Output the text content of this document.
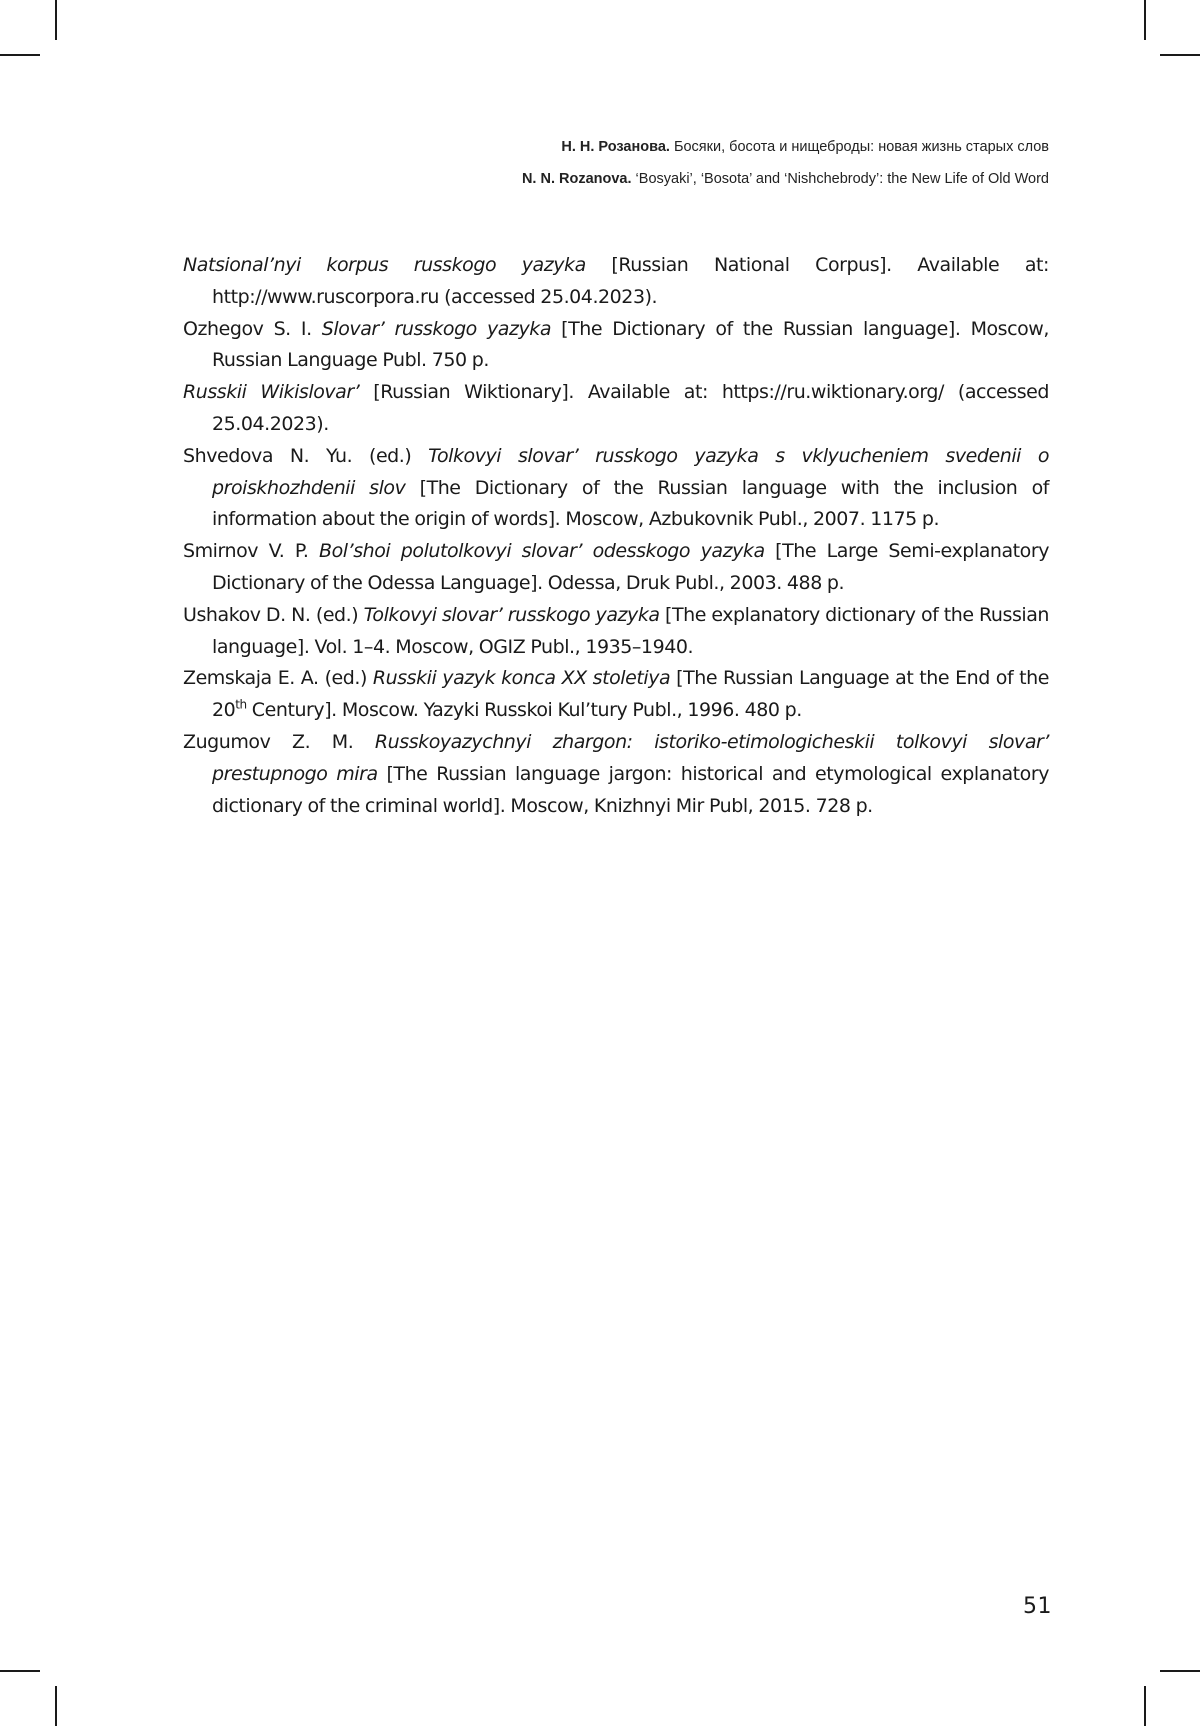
Н. Н. Розанова. Босяки, босота и нищеброды: новая жизнь старых слов
N. N. Rozanova. ‘Bosyaki’, ‘Bosota’ and ‘Nishchebrody’: the New Life of Old Word

Natsional’nyi korpus russkogo yazyka [Russian National Corpus]. Available at: http://www.ruscorpora.ru (accessed 25.04.2023).

Ozhegov S. I. Slovar’ russkogo yazyka [The Dictionary of the Russian language]. Moscow, Russian Language Publ. 750 p.

Russkii Wikislovar’ [Russian Wiktionary]. Available at: https://ru.wiktionary.org/ (accessed 25.04.2023).

Shvedova N. Yu. (ed.) Tolkovyi slovar’ russkogo yazyka s vklyucheniem svedenii o proiskhozhdenii slov [The Dictionary of the Russian language with the inclusion of information about the origin of words]. Moscow, Azbukovnik Publ., 2007. 1175 p.

Smirnov V. P. Bol’shoi polutolkovyi slovar’ odesskogo yazyka [The Large Semi-explanatory Dictionary of the Odessa Language]. Odessa, Druk Publ., 2003. 488 p.

Ushakov D. N. (ed.) Tolkovyi slovar’ russkogo yazyka [The explanatory dictionary of the Russian language]. Vol. 1–4. Moscow, OGIZ Publ., 1935–1940.

Zemskaja E. A. (ed.) Russkii yazyk konca XX stoletiya [The Russian Language at the End of the 20th Century]. Moscow. Yazyki Russkoi Kul’tury Publ., 1996. 480 p.

Zugumov Z. M. Russkoyazychnyi zhargon: istoriko-etimologicheskii tolkovyi slovar’ prestupnogo mira [The Russian language jargon: historical and etymological explanatory dictionary of the criminal world]. Moscow, Knizhnyi Mir Publ, 2015. 728 p.

51
